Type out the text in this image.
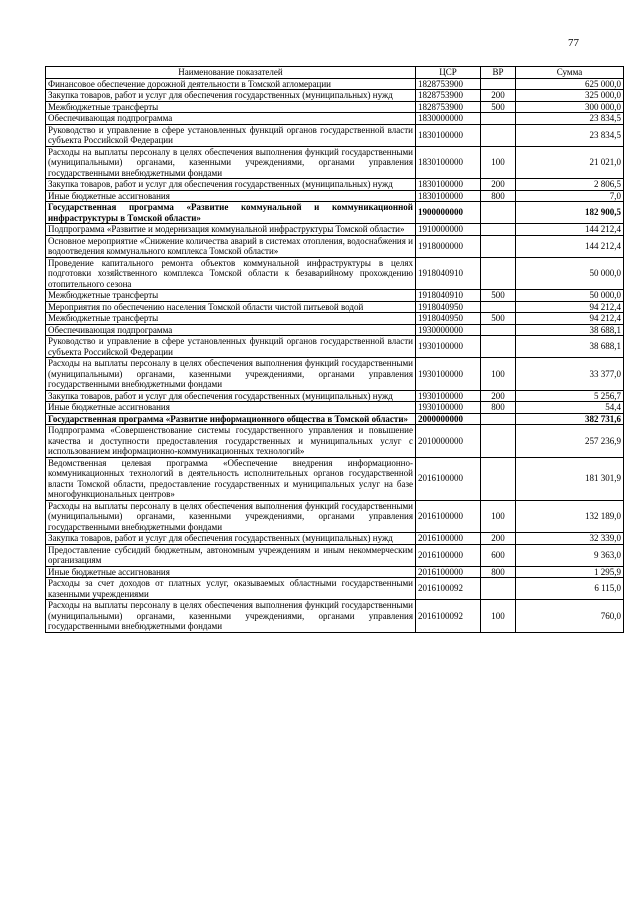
77
Наименование показателей	ЦСР	ВР	Сумма
Финансовое обеспечение дорожной деятельности в Томской агломерации	1828753900		625 000,0
Закупка товаров, работ и услуг для обеспечения государственных (муниципальных) нужд	1828753900	200	325 000,0
Межбюджетные трансферты	1828753900	500	300 000,0
Обеспечивающая подпрограмма	1830000000		23 834,5
Руководство и управление в сфере установленных функций органов государственной власти субъекта Российской Федерации	1830100000		23 834,5
Расходы на выплаты персоналу в целях обеспечения выполнения функций государственными (муниципальными) органами, казенными учреждениями, органами управления государственными внебюджетными фондами	1830100000	100	21 021,0
Закупка товаров, работ и услуг для обеспечения государственных (муниципальных) нужд	1830100000	200	2 806,5
Иные бюджетные ассигнования	1830100000	800	7,0
Государственная программа «Развитие коммунальной и коммуникационной инфраструктуры в Томской области»	1900000000		182 900,5
Подпрограмма «Развитие и модернизация коммунальной инфраструктуры Томской области»	1910000000		144 212,4
Основное мероприятие «Снижение количества аварий в системах отопления, водоснабжения и водоотведения коммунального комплекса Томской области»	1918000000		144 212,4
Проведение капитального ремонта объектов коммунальной инфраструктуры в целях подготовки хозяйственного комплекса Томской области к безаварийному прохождению отопительного сезона	1918040910		50 000,0
Межбюджетные трансферты	1918040910	500	50 000,0
Мероприятия по обеспечению населения Томской области чистой питьевой водой	1918040950		94 212,4
Межбюджетные трансферты	1918040950	500	94 212,4
Обеспечивающая подпрограмма	1930000000		38 688,1
Руководство и управление в сфере установленных функций органов государственной власти субъекта Российской Федерации	1930100000		38 688,1
Расходы на выплаты персоналу в целях обеспечения выполнения функций государственными (муниципальными) органами, казенными учреждениями, органами управления государственными внебюджетными фондами	1930100000	100	33 377,0
Закупка товаров, работ и услуг для обеспечения государственных (муниципальных) нужд	1930100000	200	5 256,7
Иные бюджетные ассигнования	1930100000	800	54,4
Государственная программа «Развитие информационного общества в Томской области»	2000000000		382 731,6
Подпрограмма «Совершенствование системы государственного управления и повышение качества и доступности предоставления государственных и муниципальных услуг с использованием информационно-коммуникационных технологий»	2010000000		257 236,9
Ведомственная целевая программа «Обеспечение внедрения информационно-коммуникационных технологий в деятельность исполнительных органов государственной власти Томской области, предоставление государственных и муниципальных услуг на базе многофункциональных центров»	2016100000		181 301,9
Расходы на выплаты персоналу в целях обеспечения выполнения функций государственными (муниципальными) органами, казенными учреждениями, органами управления государственными внебюджетными фондами	2016100000	100	132 189,0
Закупка товаров, работ и услуг для обеспечения государственных (муниципальных) нужд	2016100000	200	32 339,0
Предоставление субсидий бюджетным, автономным учреждениям и иным некоммерческим организациям	2016100000	600	9 363,0
Иные бюджетные ассигнования	2016100000	800	1 295,9
Расходы за счет доходов от платных услуг, оказываемых областными государственными казенными учреждениями	2016100092		6 115,0
Расходы на выплаты персоналу в целях обеспечения выполнения функций государственными (муниципальными) органами, казенными учреждениями, органами управления государственными внебюджетными фондами	2016100092	100	760,0
